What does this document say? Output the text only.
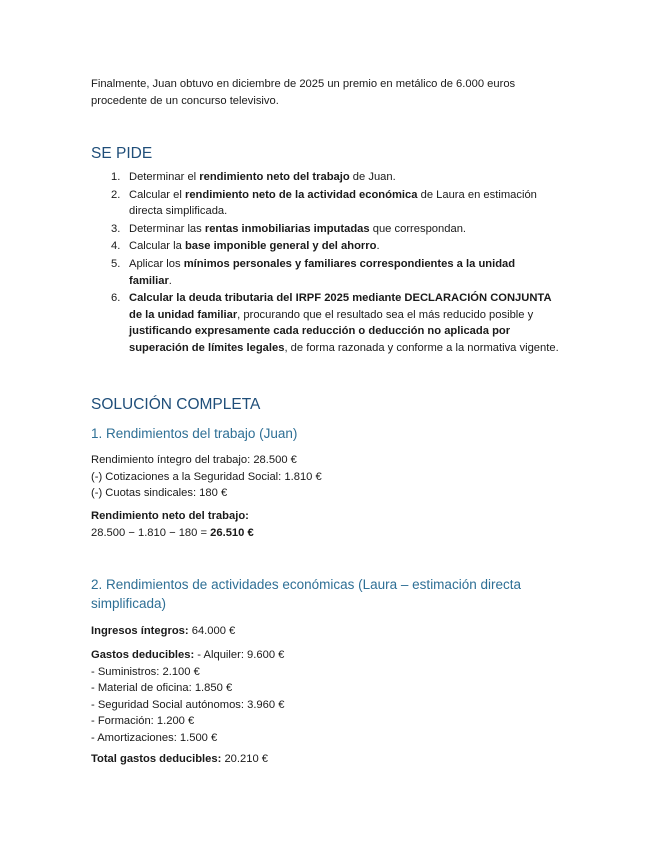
Finalmente, Juan obtuvo en diciembre de 2025 un premio en metálico de 6.000 euros procedente de un concurso televisivo.

SE PIDE
1. Determinar el rendimiento neto del trabajo de Juan.
2. Calcular el rendimiento neto de la actividad económica de Laura en estimación directa simplificada.
3. Determinar las rentas inmobiliarias imputadas que correspondan.
4. Calcular la base imponible general y del ahorro.
5. Aplicar los mínimos personales y familiares correspondientes a la unidad familiar.
6. Calcular la deuda tributaria del IRPF 2025 mediante DECLARACIÓN CONJUNTA de la unidad familiar, procurando que el resultado sea el más reducido posible y justificando expresamente cada reducción o deducción no aplicada por superación de límites legales, de forma razonada y conforme a la normativa vigente.
SOLUCIÓN COMPLETA
1. Rendimientos del trabajo (Juan)

Rendimiento íntegro del trabajo: 28.500 €

(-) Cotizaciones a la Seguridad Social: 1.810 €

(-) Cuotas sindicales: 180 €

Rendimiento neto del trabajo:

28.500 − 1.810 − 180 = 26.510 €

2. Rendimientos de actividades económicas (Laura – estimación directa simplificada)

Ingresos íntegros: 64.000 €

Gastos deducibles: - Alquiler: 9.600 €

- Suministros: 2.100 €

- Material de oficina: 1.850 €

- Seguridad Social autónomos: 3.960 €

- Formación: 1.200 €

- Amortizaciones: 1.500 €

Total gastos deducibles: 20.210 €
